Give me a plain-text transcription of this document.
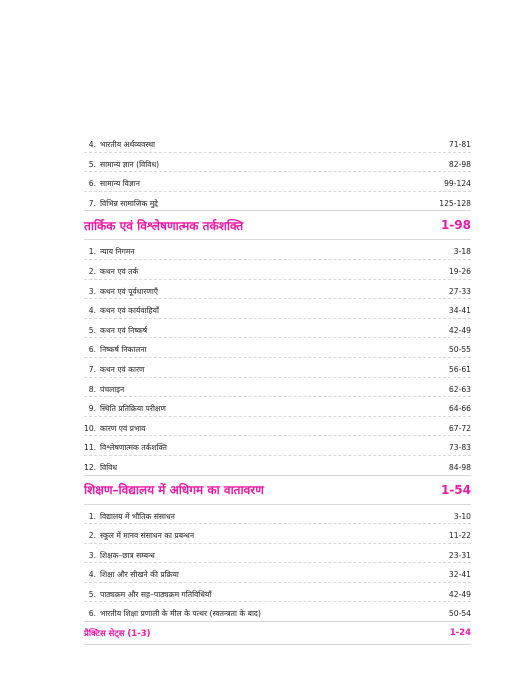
4. भारतीय अर्थव्यवस्था	71-81
5. सामान्य ज्ञान (विविध)	82-98
6. सामान्य विज्ञान	99-124
7. विभिन्न सामाजिक मुद्दे	125-128
तार्किक एवं विश्लेषणात्मक तर्कशक्ति	1-98
1. न्याय निगमन	3-18
2. कथन एवं तर्क	19-26
3. कथन एवं पूर्वधारणाएँ	27-33
4. कथन एवं कार्यवाहियाँ	34-41
5. कथन एवं निष्कर्ष	42-49
6. निष्कर्ष निकालना	50-55
7. कथन एवं कारण	56-61
8. पंचलाइन	62-63
9. स्थिति प्रतिक्रिया परीक्षण	64-66
10. कारण एवं प्रभाव	67-72
11. विश्लेषणात्मक तर्कशक्ति	73-83
12. विविध	84-98
शिक्षण–विद्यालय में अधिगम का वातावरण	1-54
1. विद्यालय में भौतिक संसाधन	3-10
2. स्कूल में मानव संसाधन का प्रबन्धन	11-22
3. शिक्षक–छात्र सम्बन्ध	23-31
4. शिक्षा और सीखने की प्रक्रिया	32-41
5. पाठ्यक्रम और सह–पाठ्यक्रम गतिविधियाँ	42-49
6. भारतीय शिक्षा प्रणाली के मील के पत्थर (स्वतन्त्रता के बाद)	50-54
प्रैक्टिस सेट्स (1-3)	1-24
